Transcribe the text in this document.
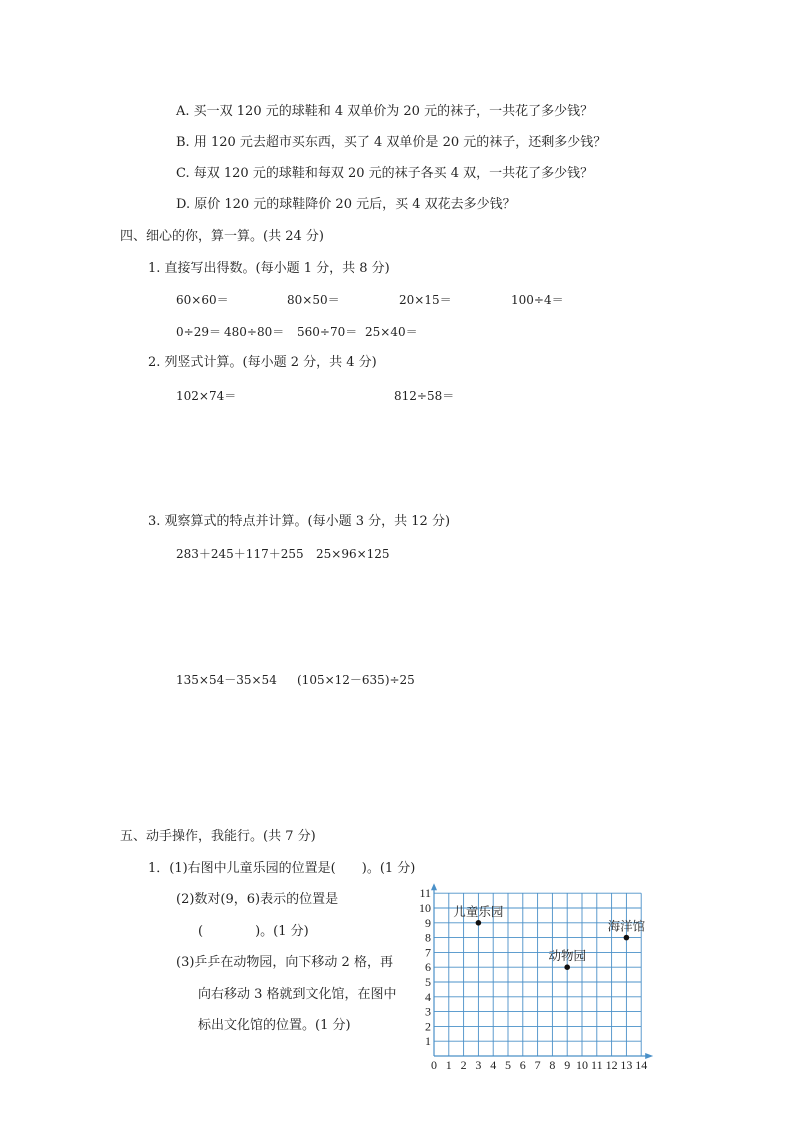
A. 买一双 120 元的球鞋和 4 双单价为 20 元的袜子，一共花了多少钱？
B. 用 120 元去超市买东西，买了 4 双单价是 20 元的袜子，还剩多少钱？
C. 每双 120 元的球鞋和每双 20 元的袜子各买 4 双，一共花了多少钱？
D. 原价 120 元的球鞋降价 20 元后，买 4 双花去多少钱？
四、细心的你，算一算。(共 24 分)
1. 直接写出得数。(每小题 1 分，共 8 分)
60×60＝	80×50＝	20×15＝	100÷4＝
0÷29＝ 480÷80＝ 560÷70＝ 25×40＝
2. 列竖式计算。(每小题 2 分，共 4 分)
102×74＝	812÷58＝
3. 观察算式的特点并计算。(每小题 3 分，共 12 分)
283＋245＋117＋255 25×96×125
135×54－35×54 (105×12－635)÷25
五、动手操作，我能行。(共 7 分)
1．(1)右图中儿童乐园的位置是(　　)。(1 分)
(2)数对(9，6)表示的位置是
(　　　　)。(1 分)
(3)乒乒在动物园，向下移动 2 格，再
向右移动 3 格就到文化馆，在图中
标出文化馆的位置。(1 分)
0 1 2 3 4 5 6 7 8 9 10 11 12 13 14
1
2
3
4
5
6
7
8
9
10
11
儿童乐园
动物园
海洋馆
